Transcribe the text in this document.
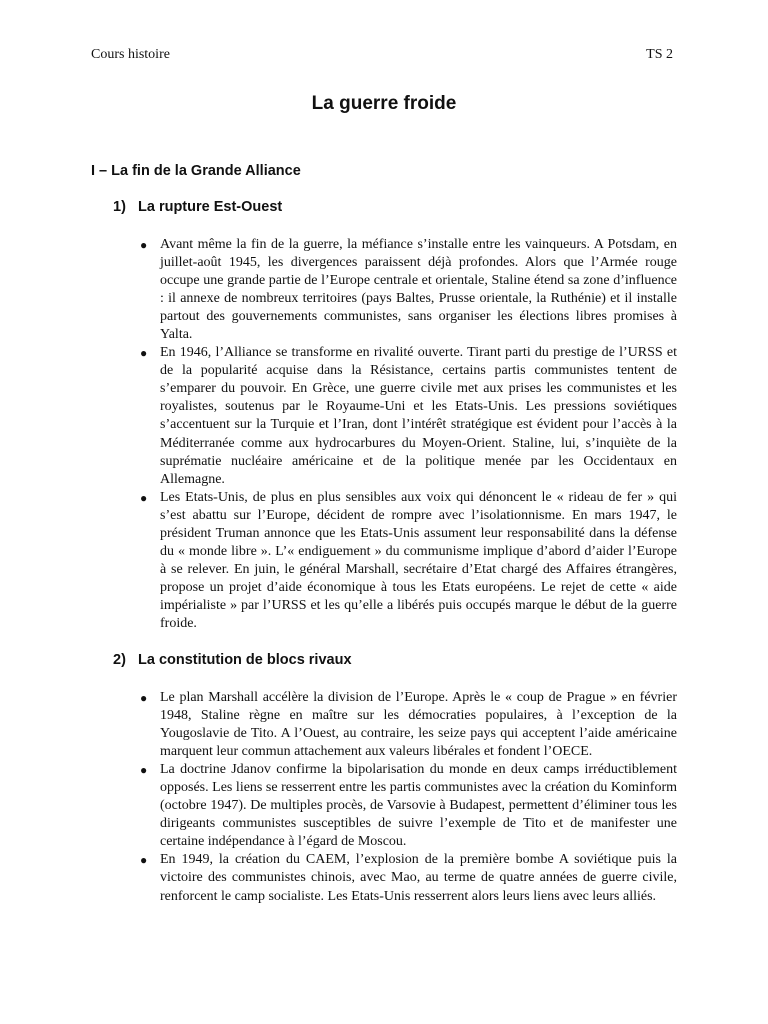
Cours histoire	TS 2
La guerre froide
I – La fin de la Grande Alliance
1) La rupture Est-Ouest
● Avant même la fin de la guerre, la méfiance s’installe entre les vainqueurs. A Potsdam, en juillet-août 1945, les divergences paraissent déjà profondes. Alors que l’Armée rouge occupe une grande partie de l’Europe centrale et orientale, Staline étend sa zone d’influence : il annexe de nombreux territoires (pays Baltes, Prusse orientale, la Ruthénie) et il installe partout des gouvernements communistes, sans organiser les élections libres promises à Yalta.
● En 1946, l’Alliance se transforme en rivalité ouverte. Tirant parti du prestige de l’URSS et de la popularité acquise dans la Résistance, certains partis communistes tentent de s’emparer du pouvoir. En Grèce, une guerre civile met aux prises les communistes et les royalistes, soutenus par le Royaume-Uni et les Etats-Unis. Les pressions soviétiques s’accentuent sur la Turquie et l’Iran, dont l’intérêt stratégique est évident pour l’accès à la Méditerranée comme aux hydrocarbures du Moyen-Orient. Staline, lui, s’inquiète de la suprématie nucléaire américaine et de la politique menée par les Occidentaux en Allemagne.
● Les Etats-Unis, de plus en plus sensibles aux voix qui dénoncent le « rideau de fer » qui s’est abattu sur l’Europe, décident de rompre avec l’isolationnisme. En mars 1947, le président Truman annonce que les Etats-Unis assument leur responsabilité dans la défense du « monde libre ». L’« endiguement » du communisme implique d’abord d’aider l’Europe à se relever. En juin, le général Marshall, secrétaire d’Etat chargé des Affaires étrangères, propose un projet d’aide économique à tous les Etats européens. Le rejet de cette « aide impérialiste » par l’URSS et les qu’elle a libérés puis occupés marque le début de la guerre froide.
2) La constitution de blocs rivaux
● Le plan Marshall accélère la division de l’Europe. Après le « coup de Prague » en février 1948, Staline règne en maître sur les démocraties populaires, à l’exception de la Yougoslavie de Tito. A l’Ouest, au contraire, les seize pays qui acceptent l’aide américaine marquent leur commun attachement aux valeurs libérales et fondent l’OECE.
● La doctrine Jdanov confirme la bipolarisation du monde en deux camps irréductiblement opposés. Les liens se resserrent entre les partis communistes avec la création du Kominform (octobre 1947). De multiples procès, de Varsovie à Budapest, permettent d’éliminer tous les dirigeants communistes susceptibles de suivre l’exemple de Tito et de manifester une certaine indépendance à l’égard de Moscou.
● En 1949, la création du CAEM, l’explosion de la première bombe A soviétique puis la victoire des communistes chinois, avec Mao, au terme de quatre années de guerre civile, renforcent le camp socialiste. Les Etats-Unis resserrent alors leurs liens avec leurs alliés.
